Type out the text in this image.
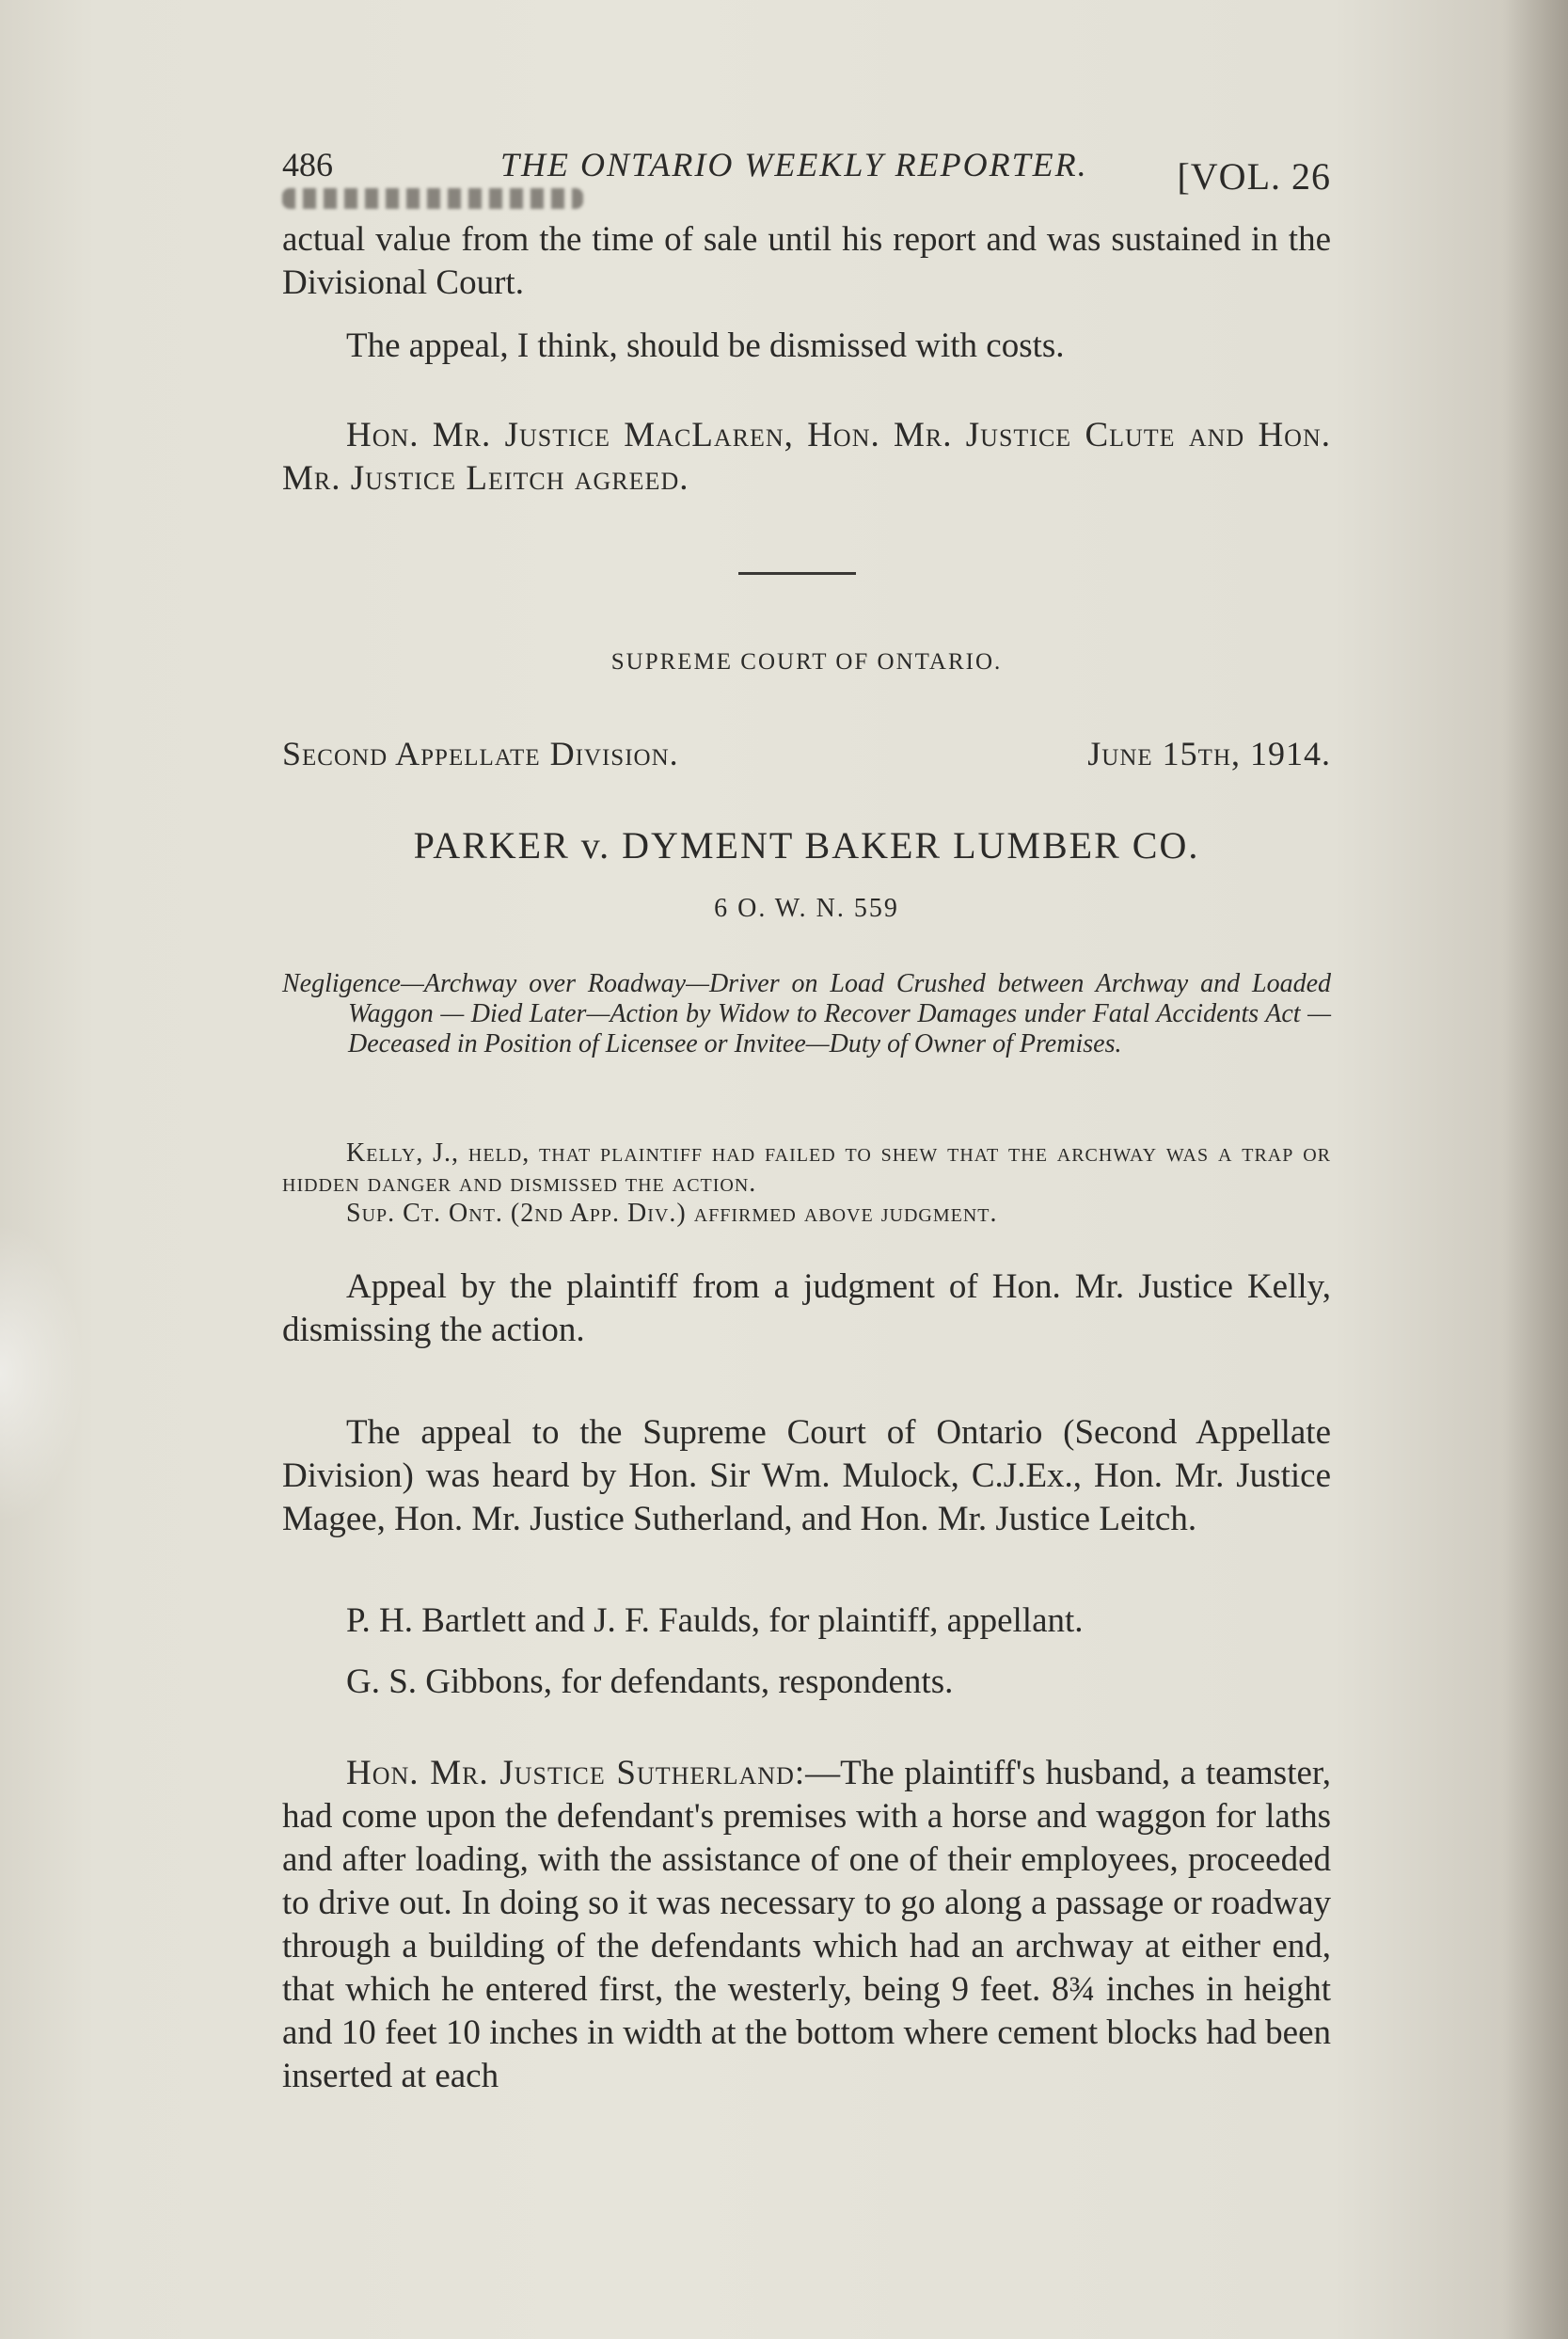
486	THE ONTARIO WEEKLY REPORTER. [VOL. 26

actual value from the time of sale until his report and was sustained in the Divisional Court.

The appeal, I think, should be dismissed with costs.

Hon. Mr. Justice MacLaren, Hon. Mr. Justice Clute and Hon. Mr. Justice Leitch agreed.

SUPREME COURT OF ONTARIO.
Second Appellate Division.	June 15th, 1914.
PARKER v. DYMENT BAKER LUMBER CO.
6 O. W. N. 559
Negligence—Archway over Roadway—Driver on Load Crushed between Archway and Loaded Waggon — Died Later—Action by Widow to Recover Damages under Fatal Accidents Act — Deceased in Position of Licensee or Invitee—Duty of Owner of Premises.
Kelly, J., held, that plaintiff had failed to shew that the archway was a trap or hidden danger and dismissed the action.
Sup. Ct. Ont. (2nd App. Div.) affirmed above judgment.

Appeal by the plaintiff from a judgment of Hon. Mr. Justice Kelly, dismissing the action.

The appeal to the Supreme Court of Ontario (Second Appellate Division) was heard by Hon. Sir Wm. Mulock, C.J.Ex., Hon. Mr. Justice Magee, Hon. Mr. Justice Sutherland, and Hon. Mr. Justice Leitch.

P. H. Bartlett and J. F. Faulds, for plaintiff, appellant.

G. S. Gibbons, for defendants, respondents.

Hon. Mr. Justice Sutherland:—The plaintiff's husband, a teamster, had come upon the defendant's premises with a horse and waggon for laths and after loading, with the assistance of one of their employees, proceeded to drive out. In doing so it was necessary to go along a passage or roadway through a building of the defendants which had an archway at either end, that which he entered first, the westerly, being 9 feet. 8¾ inches in height and 10 feet 10 inches in width at the bottom where cement blocks had been inserted at each
